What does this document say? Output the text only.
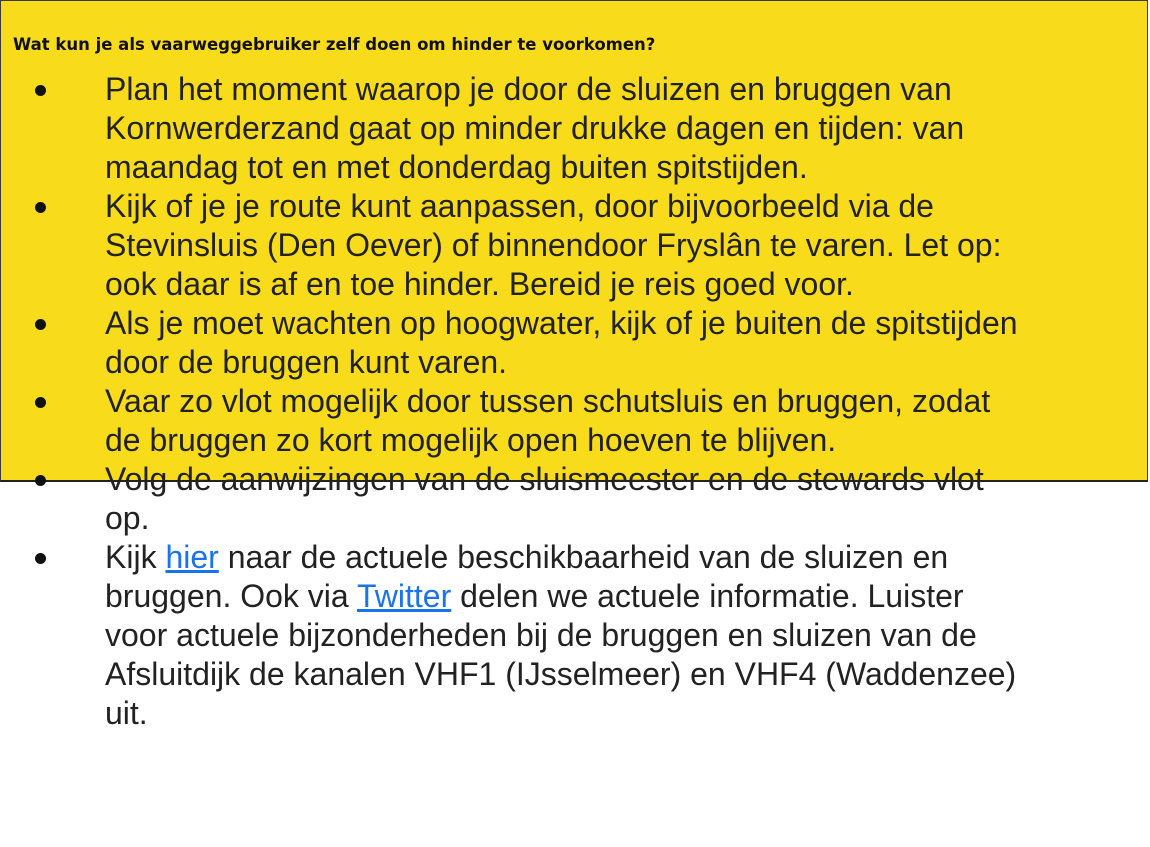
Wat kun je als vaarweggebruiker zelf doen om hinder te voorkomen?
Plan het moment waarop je door de sluizen en bruggen van
Kornwerderzand gaat op minder drukke dagen en tijden: van
maandag tot en met donderdag buiten spitstijden.
Kijk of je je route kunt aanpassen, door bijvoorbeeld via de
Stevinsluis (Den Oever) of binnendoor Fryslân te varen. Let op:
ook daar is af en toe hinder. Bereid je reis goed voor.
Als je moet wachten op hoogwater, kijk of je buiten de spitstijden
door de bruggen kunt varen.
Vaar zo vlot mogelijk door tussen schutsluis en bruggen, zodat
de bruggen zo kort mogelijk open hoeven te blijven.
Volg de aanwijzingen van de sluismeester en de stewards vlot
op.
Kijk hier naar de actuele beschikbaarheid van de sluizen en
bruggen. Ook via Twitter delen we actuele informatie. Luister
voor actuele bijzonderheden bij de bruggen en sluizen van de
Afsluitdijk de kanalen VHF1 (IJsselmeer) en VHF4 (Waddenzee)
uit.
